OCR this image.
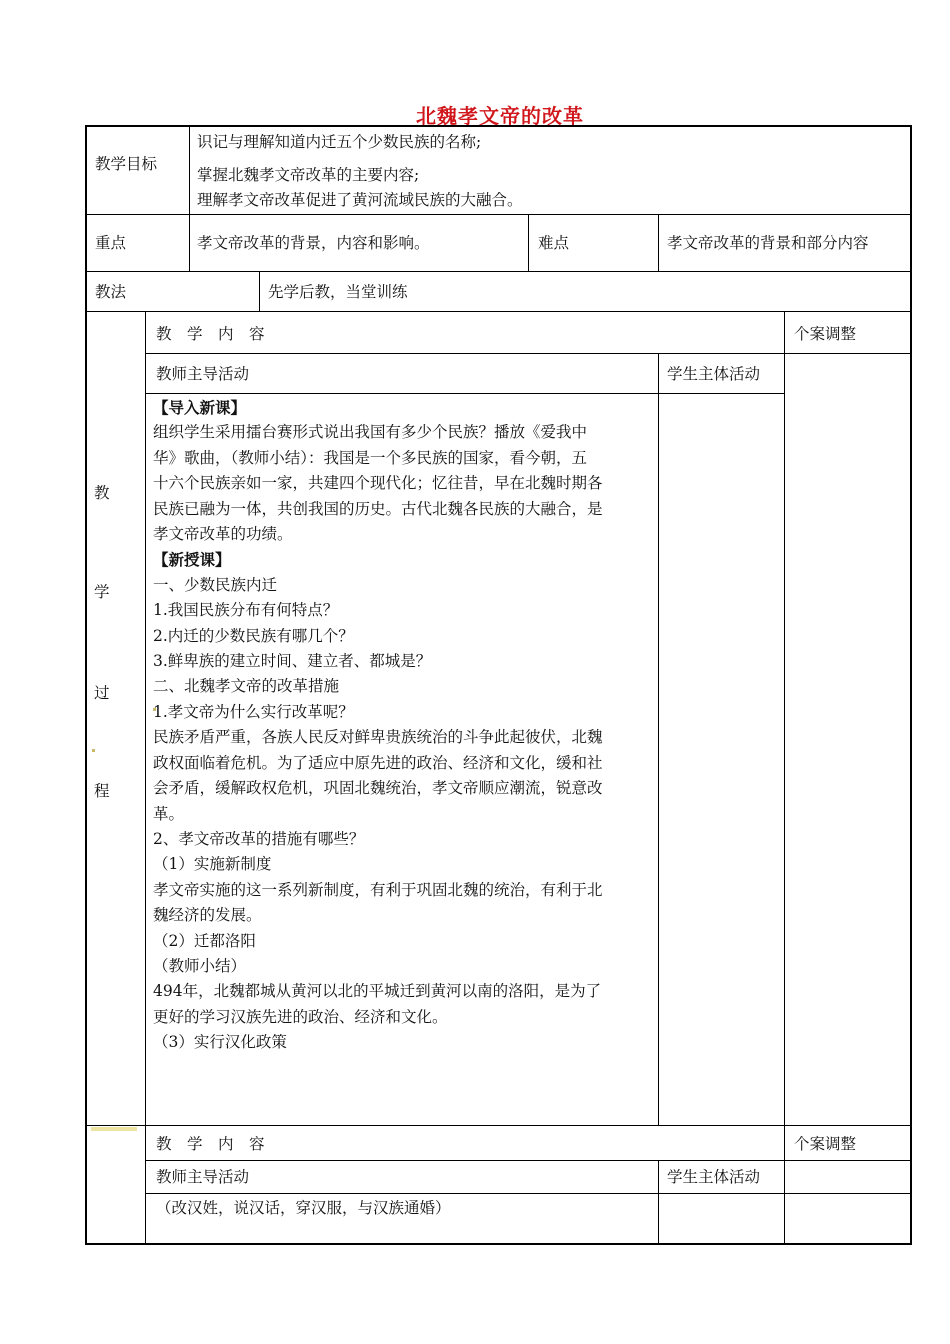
北魏孝文帝的改革
教学目标
识记与理解知道内迁五个少数民族的名称;
掌握北魏孝文帝改革的主要内容;
理解孝文帝改革促进了黄河流域民族的大融合。
重点	孝文帝改革的背景，内容和影响。	难点	孝文帝改革的背景和部分内容
教法	先学后教，当堂训练
教
学
过
程
教　学　内　容	个案调整
教师主导活动	学生主体活动
【导入新课】
组织学生采用擂台赛形式说出我国有多少个民族？播放《爱我中
华》歌曲，（教师小结）：我国是一个多民族的国家，看今朝，五
十六个民族亲如一家，共建四个现代化；忆往昔，早在北魏时期各
民族已融为一体，共创我国的历史。古代北魏各民族的大融合，是
孝文帝改革的功绩。
【新授课】
一、少数民族内迁
1.我国民族分布有何特点？
2.内迁的少数民族有哪几个？
3.鲜卑族的建立时间、建立者、都城是？
二、北魏孝文帝的改革措施
1.孝文帝为什么实行改革呢？
民族矛盾严重，各族人民反对鲜卑贵族统治的斗争此起彼伏，北魏
政权面临着危机。为了适应中原先进的政治、经济和文化，缓和社
会矛盾，缓解政权危机，巩固北魏统治，孝文帝顺应潮流，锐意改
革。
2、孝文帝改革的措施有哪些？
（1）实施新制度
孝文帝实施的这一系列新制度，有利于巩固北魏的统治，有利于北
魏经济的发展。
（2）迁都洛阳
（教师小结）
494年，北魏都城从黄河以北的平城迁到黄河以南的洛阳，是为了
更好的学习汉族先进的政治、经济和文化。
（3）实行汉化政策
教　学　内　容	个案调整
教师主导活动	学生主体活动
（改汉姓，说汉话，穿汉服，与汉族通婚）
